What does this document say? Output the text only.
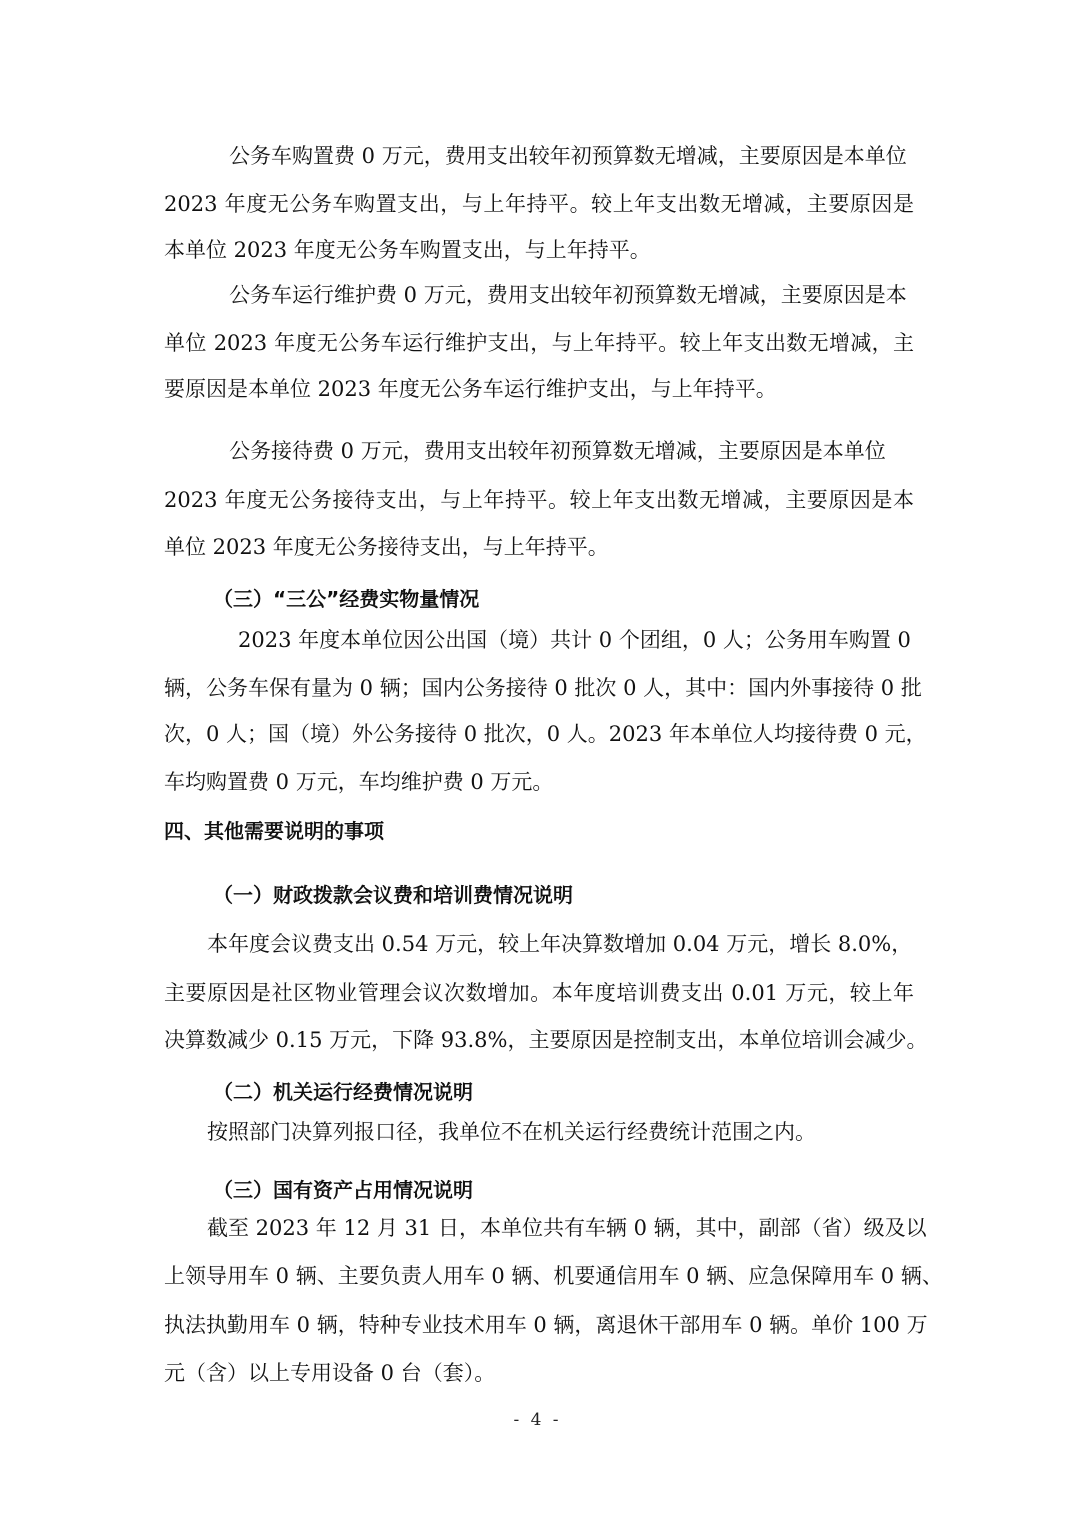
公务车购置费 0 万元，费用支出较年初预算数无增减，主要原因是本单位

2023 年度无公务车购置支出，与上年持平。较上年支出数无增减，主要原因是

本单位 2023 年度无公务车购置支出，与上年持平。

公务车运行维护费 0 万元，费用支出较年初预算数无增减，主要原因是本

单位 2023 年度无公务车运行维护支出，与上年持平。较上年支出数无增减，主

要原因是本单位 2023 年度无公务车运行维护支出，与上年持平。

公务接待费 0 万元，费用支出较年初预算数无增减，主要原因是本单位

2023 年度无公务接待支出，与上年持平。较上年支出数无增减，主要原因是本

单位 2023 年度无公务接待支出，与上年持平。

（三）“三公”经费实物量情况

2023 年度本单位因公出国（境）共计 0 个团组，0 人；公务用车购置 0

辆，公务车保有量为 0 辆；国内公务接待 0 批次 0 人，其中：国内外事接待 0 批

次，0 人；国（境）外公务接待 0 批次，0 人。2023 年本单位人均接待费 0 元，

车均购置费 0 万元，车均维护费 0 万元。

四、其他需要说明的事项

（一）财政拨款会议费和培训费情况说明

本年度会议费支出 0.54 万元，较上年决算数增加 0.04 万元，增长 8.0%，

主要原因是社区物业管理会议次数增加。本年度培训费支出 0.01 万元，较上年

决算数减少 0.15 万元，下降 93.8%，主要原因是控制支出，本单位培训会减少。

（二）机关运行经费情况说明

按照部门决算列报口径，我单位不在机关运行经费统计范围之内。

（三）国有资产占用情况说明

截至 2023 年 12 月 31 日，本单位共有车辆 0 辆，其中，副部（省）级及以

上领导用车 0 辆、主要负责人用车 0 辆、机要通信用车 0 辆、应急保障用车 0 辆、

执法执勤用车 0 辆，特种专业技术用车 0 辆，离退休干部用车 0 辆。单价 100 万

元（含）以上专用设备 0 台（套）。

- 4 -
